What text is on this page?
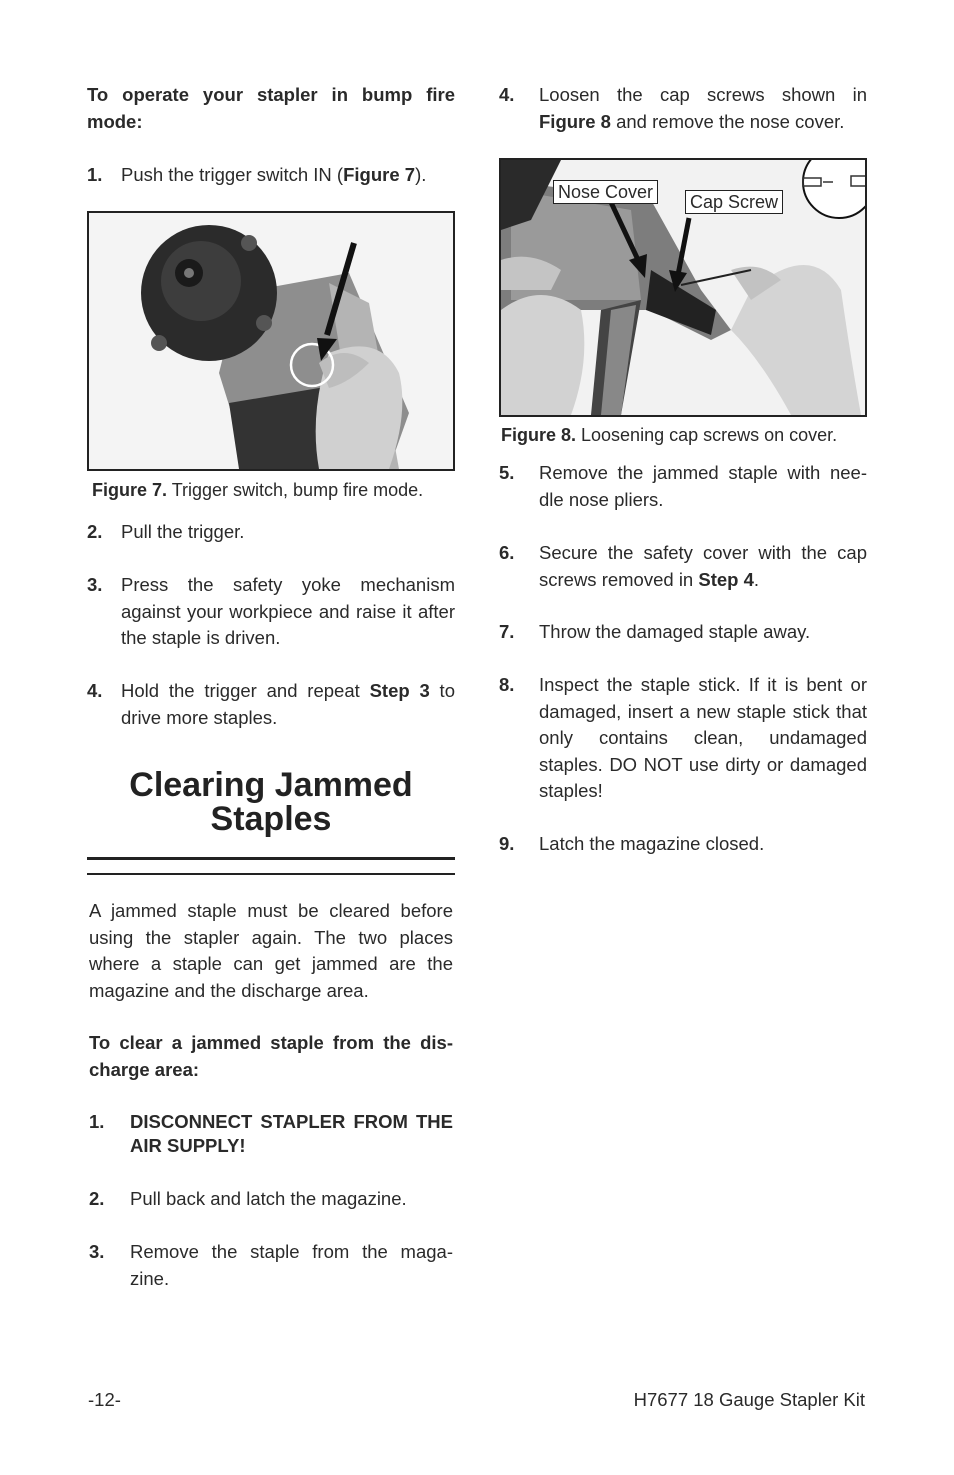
To operate your stapler in bump fire mode:
1. Push the trigger switch IN (Figure 7).
Figure 7. Trigger switch, bump fire mode.
2. Pull the trigger.
3. Press the safety yoke mechanism against your workpiece and raise it after the staple is driven.
4. Hold the trigger and repeat Step 3 to drive more staples.
Clearing Jammed
Staples
A jammed staple must be cleared before using the stapler again. The two places where a staple can get jammed are the magazine and the discharge area.
To clear a jammed staple from the dis-
charge area:
1. DISCONNECT STAPLER FROM THE AIR SUPPLY!
2. Pull back and latch the magazine.
3. Remove the staple from the maga-zine.
4. Loosen the cap screws shown in Figure 8 and remove the nose cover.
Nose Cover Cap Screw
Figure 8. Loosening cap screws on cover.
5. Remove the jammed staple with nee-dle nose pliers.
6. Secure the safety cover with the cap screws removed in Step 4.
7. Throw the damaged staple away.
8. Inspect the staple stick. If it is bent or damaged, insert a new staple stick that only contains clean, undamaged staples. DO NOT use dirty or damaged staples!
9. Latch the magazine closed.
-12-	H7677 18 Gauge Stapler Kit
